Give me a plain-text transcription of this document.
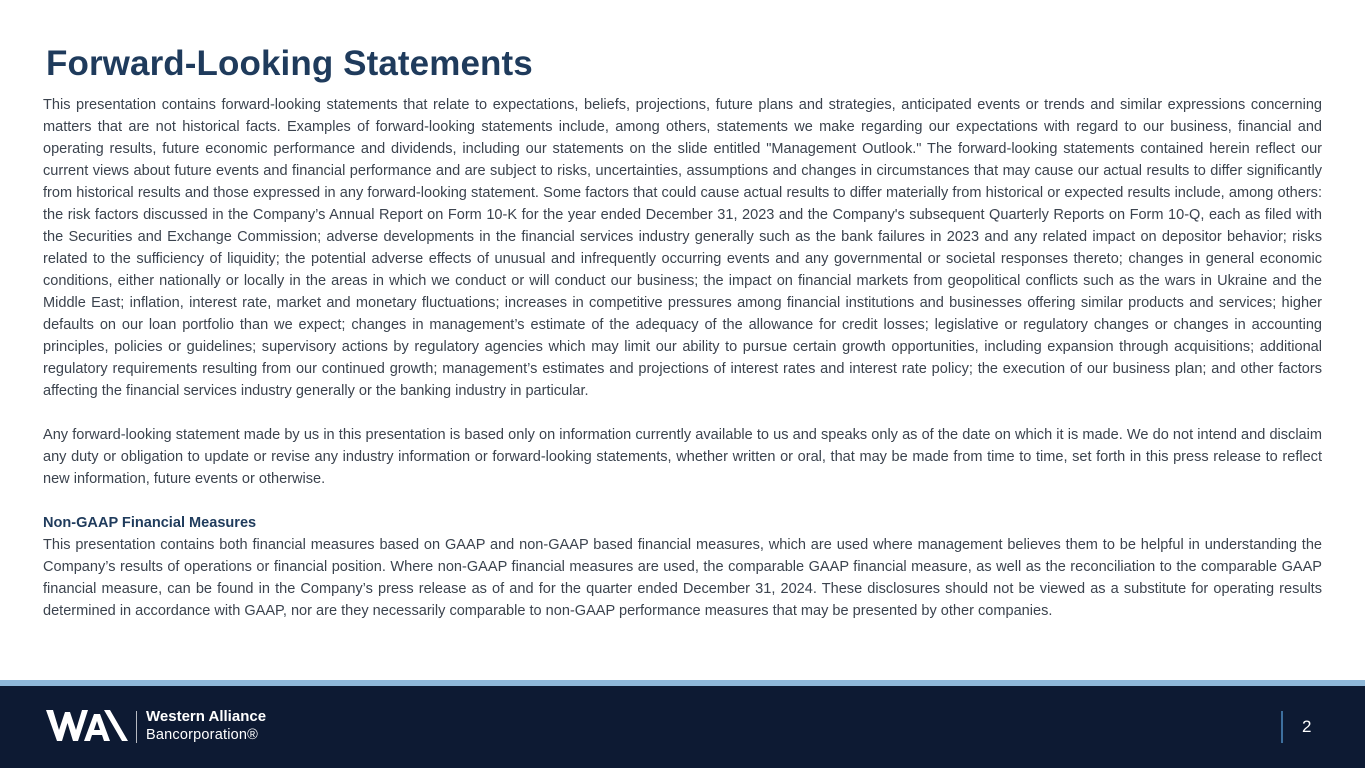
Forward-Looking Statements

This presentation contains forward-looking statements that relate to expectations, beliefs, projections, future plans and strategies, anticipated events or trends and similar expressions concerning matters that are not historical facts. Examples of forward-looking statements include, among others, statements we make regarding our expectations with regard to our business, financial and operating results, future economic performance and dividends, including our statements on the slide entitled "Management Outlook." The forward-looking statements contained herein reflect our current views about future events and financial performance and are subject to risks, uncertainties, assumptions and changes in circumstances that may cause our actual results to differ significantly from historical results and those expressed in any forward-looking statement. Some factors that could cause actual results to differ materially from historical or expected results include, among others: the risk factors discussed in the Company’s Annual Report on Form 10-K for the year ended December 31, 2023 and the Company's subsequent Quarterly Reports on Form 10-Q, each as filed with the Securities and Exchange Commission; adverse developments in the financial services industry generally such as the bank failures in 2023 and any related impact on depositor behavior; risks related to the sufficiency of liquidity; the potential adverse effects of unusual and infrequently occurring events and any governmental or societal responses thereto; changes in general economic conditions, either nationally or locally in the areas in which we conduct or will conduct our business; the impact on financial markets from geopolitical conflicts such as the wars in Ukraine and the Middle East; inflation, interest rate, market and monetary fluctuations; increases in competitive pressures among financial institutions and businesses offering similar products and services; higher defaults on our loan portfolio than we expect; changes in management’s estimate of the adequacy of the allowance for credit losses; legislative or regulatory changes or changes in accounting principles, policies or guidelines; supervisory actions by regulatory agencies which may limit our ability to pursue certain growth opportunities, including expansion through acquisitions; additional regulatory requirements resulting from our continued growth; management’s estimates and projections of interest rates and interest rate policy; the execution of our business plan; and other factors affecting the financial services industry generally or the banking industry in particular.

Any forward-looking statement made by us in this presentation is based only on information currently available to us and speaks only as of the date on which it is made. We do not intend and disclaim any duty or obligation to update or revise any industry information or forward-looking statements, whether written or oral, that may be made from time to time, set forth in this press release to reflect new information, future events or otherwise.

Non-GAAP Financial Measures

This presentation contains both financial measures based on GAAP and non-GAAP based financial measures, which are used where management believes them to be helpful in understanding the Company’s results of operations or financial position. Where non-GAAP financial measures are used, the comparable GAAP financial measure, as well as the reconciliation to the comparable GAAP financial measure, can be found in the Company’s press release as of and for the quarter ended December 31, 2024. These disclosures should not be viewed as a substitute for operating results determined in accordance with GAAP, nor are they necessarily comparable to non-GAAP performance measures that may be presented by other companies.

Western Alliance
Bancorporation®	2
